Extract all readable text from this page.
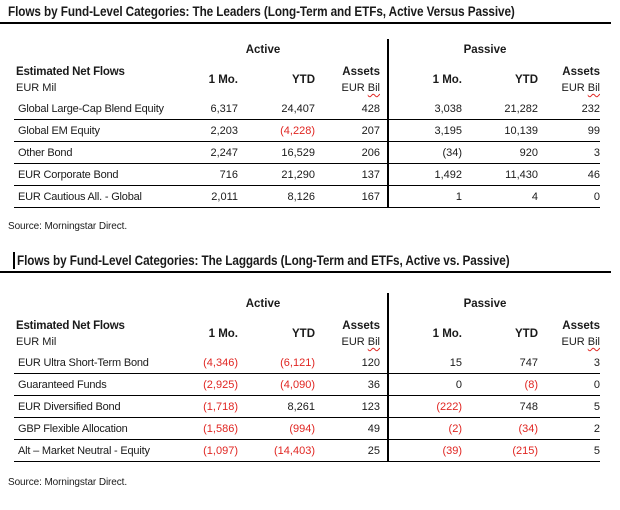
Flows by Fund-Level Categories: The Leaders (Long-Term and ETFs, Active Versus Passive)
Active	Passive
Estimated Net Flows
EUR Mil
1 Mo.	YTD
Assets
EUR Bil
1 Mo.	YTD
Assets
EUR Bil
Global Large-Cap Blend Equity	6,317	24,407	428	3,038	21,282	232
Global EM Equity	2,203	(4,228)	207	3,195	10,139	99
Other Bond	2,247	16,529	206	(34)	920	3
EUR Corporate Bond	716	21,290	137	1,492	11,430	46
EUR Cautious All. - Global	2,011	8,126	167	1	4	0
Source: Morningstar Direct.
Flows by Fund-Level Categories: The Laggards (Long-Term and ETFs, Active vs. Passive)
Active	Passive
Estimated Net Flows
EUR Mil
1 Mo.	YTD
Assets
EUR Bil
1 Mo.	YTD
Assets
EUR Bil
EUR Ultra Short-Term Bond	(4,346)	(6,121)	120	15	747	3
Guaranteed Funds	(2,925)	(4,090)	36	0	(8)	0
EUR Diversified Bond	(1,718)	8,261	123	(222)	748	5
GBP Flexible Allocation	(1,586)	(994)	49	(2)	(34)	2
Alt – Market Neutral - Equity	(1,097)	(14,403)	25	(39)	(215)	5
Source: Morningstar Direct.
